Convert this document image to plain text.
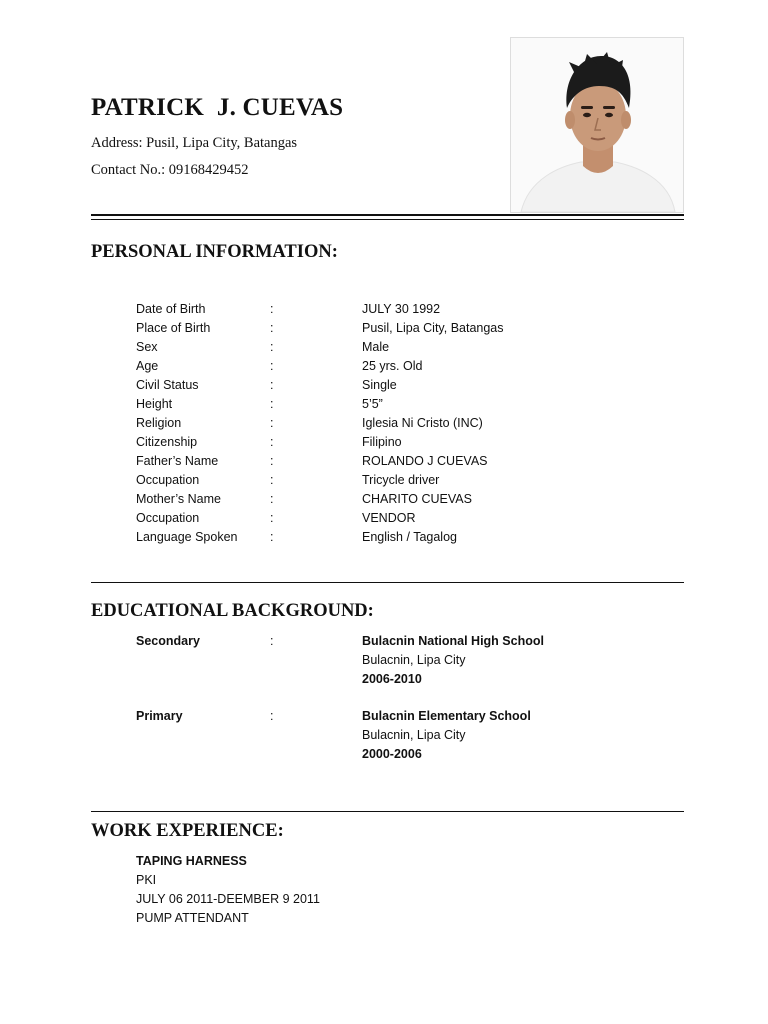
PATRICK  J. CUEVAS
Address: Pusil, Lipa City, Batangas
Contact No.: 09168429452
PERSONAL INFORMATION:
Date of Birth	:	JULY 30 1992
Place of Birth	:	Pusil, Lipa City, Batangas
Sex	:	Male
Age	:	25 yrs. Old
Civil Status	:	Single
Height	:	5’5”
Religion	:	Iglesia Ni Cristo (INC)
Citizenship	:	Filipino
Father’s Name	:	ROLANDO J CUEVAS
Occupation	:	Tricycle driver
Mother’s Name	:	CHARITO CUEVAS
Occupation	:	VENDOR
Language Spoken	:	English / Tagalog
EDUCATIONAL BACKGROUND:
Secondary	:	Bulacnin National High School
Bulacnin, Lipa City
2006-2010
Primary	:	Bulacnin Elementary School
Bulacnin, Lipa City
2000-2006
WORK EXPERIENCE:
TAPING HARNESS
PKI
JULY 06 2011-DEEMBER 9 2011
PUMP ATTENDANT
